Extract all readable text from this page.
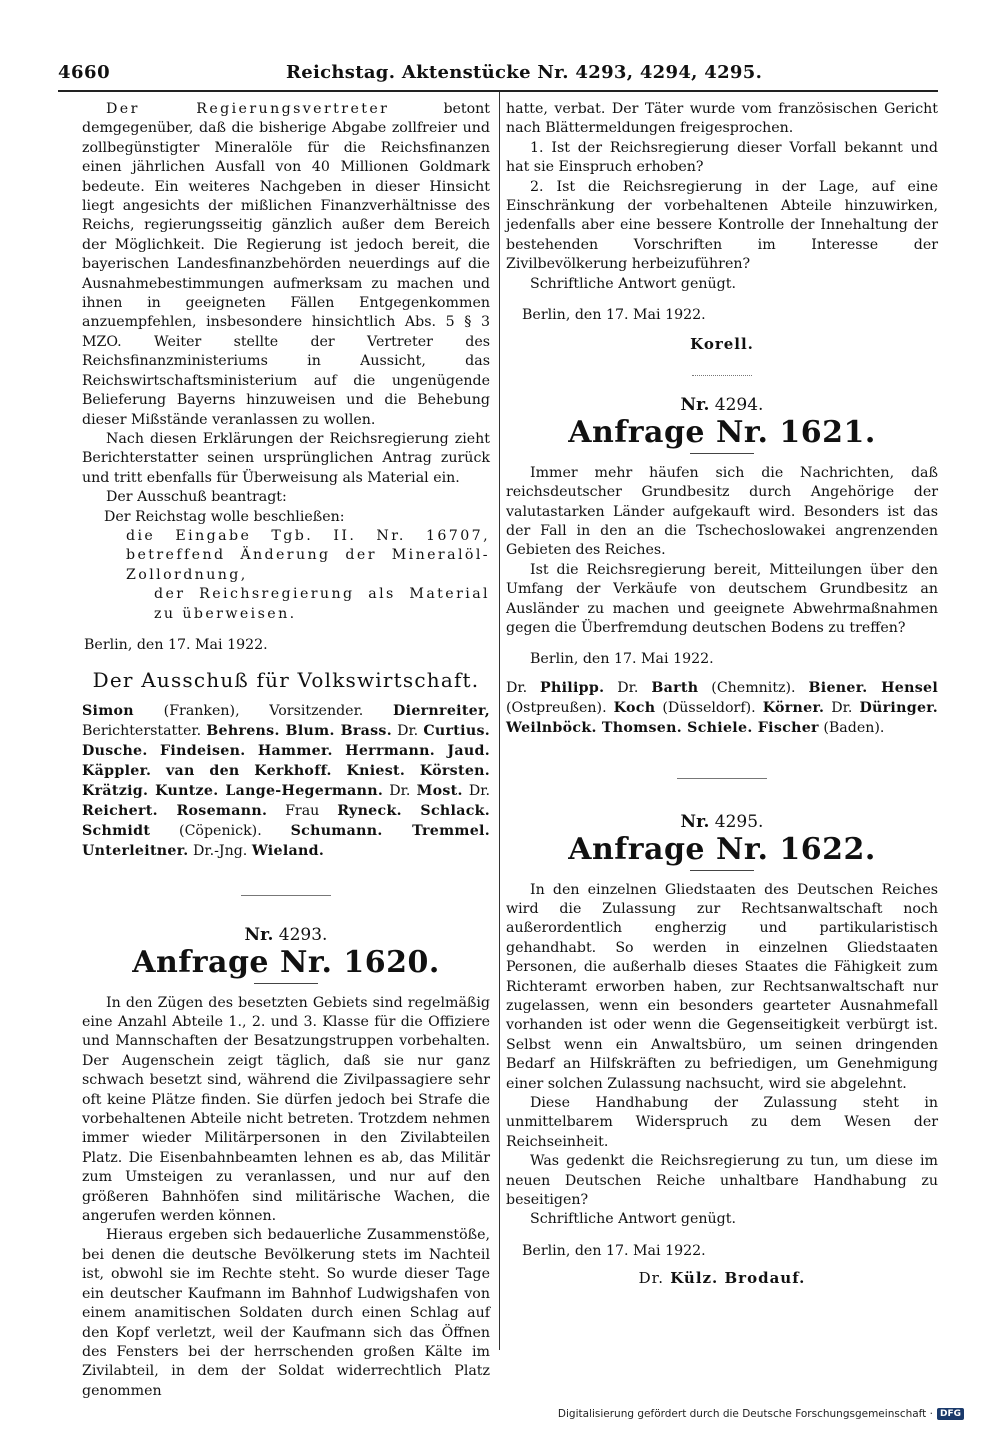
4660	Reichstag. Aktenstücke Nr. 4293, 4294, 4295.

Der Regierungsvertreter	betont demgegenüber, daß die bisherige Abgabe zollfreier und zollbegünstigter Mineralöle für die Reichsfinanzen einen jährlichen Ausfall von 40 Millionen Goldmark bedeute. Ein weiteres Nachgeben in dieser Hinsicht liegt angesichts der mißlichen Finanzverhältnisse des Reichs, regierungsseitig gänzlich außer dem Bereich der Möglichkeit. Die Regierung ist jedoch bereit, die bayerischen Landesfinanzbehörden neuerdings auf die Ausnahmebestimmungen aufmerksam zu machen und ihnen in geeigneten Fällen Entgegenkommen anzuempfehlen, insbesondere hinsichtlich Abs. 5 § 3 MZO. Weiter stellte der Vertreter des Reichsfinanzministeriums in Aussicht, das Reichswirtschaftsministerium auf die ungenügende Belieferung Bayerns hinzuweisen und die Behebung dieser Mißstände veranlassen zu wollen.

Nach diesen Erklärungen der Reichsregierung zieht Berichterstatter seinen ursprünglichen Antrag zurück und tritt ebenfalls für Überweisung als Material ein.

Der Ausschuß beantragt:

Der Reichstag wolle beschließen:

die Eingabe Tgb. II. Nr. 16707, betreffend Änderung der Mineralöl-Zollordnung,

der Reichsregierung als Material zu überweisen.

Berlin, den 17. Mai 1922.

Der Ausschuß für Volkswirtschaft.

Simon (Franken), Vorsitzender. Diernreiter, Berichterstatter. Behrens. Blum. Brass. Dr. Curtius. Dusche. Findeisen. Hammer. Herrmann. Jaud. Käppler. van den Kerkhoff. Kniest. Körsten. Krätzig. Kuntze. Lange-Hegermann. Dr. Most. Dr. Reichert. Rosemann. Frau Ryneck. Schlack. Schmidt (Cöpenick). Schumann. Tremmel. Unterleitner. Dr.-Jng. Wieland.

Nr. 4293.

Anfrage Nr. 1620.

In den Zügen des besetzten Gebiets sind regelmäßig eine Anzahl Abteile 1., 2. und 3. Klasse für die Offiziere und Mannschaften der Besatzungstruppen vorbehalten. Der Augenschein zeigt täglich, daß sie nur ganz schwach besetzt sind, während die Zivilpassagiere sehr oft keine Plätze finden. Sie dürfen jedoch bei Strafe die vorbehaltenen Abteile nicht betreten. Trotzdem nehmen immer wieder Militärpersonen in den Zivilabteilen Platz. Die Eisenbahnbeamten lehnen es ab, das Militär zum Umsteigen zu veranlassen, und nur auf den größeren Bahnhöfen sind militärische Wachen, die angerufen werden können.

Hieraus ergeben sich bedauerliche Zusammenstöße, bei denen die deutsche Bevölkerung stets im Nachteil ist, obwohl sie im Rechte steht. So wurde dieser Tage ein deutscher Kaufmann im Bahnhof Ludwigshafen von einem anamitischen Soldaten durch einen Schlag auf den Kopf verletzt, weil der Kaufmann sich das Öffnen des Fensters bei der herrschenden großen Kälte im Zivilabteil, in dem der Soldat widerrechtlich Platz genommen

hatte, verbat. Der Täter wurde vom französischen Gericht nach Blättermeldungen freigesprochen.

1. Ist der Reichsregierung dieser Vorfall bekannt und hat sie Einspruch erhoben?

2. Ist die Reichsregierung in der Lage, auf eine Einschränkung der vorbehaltenen Abteile hinzuwirken, jedenfalls aber eine bessere Kontrolle der Innehaltung der bestehenden Vorschriften im Interesse der Zivilbevölkerung herbeizuführen?

Schriftliche Antwort genügt.

Berlin, den 17. Mai 1922.

Korell.

Nr. 4294.

Anfrage Nr. 1621.

Immer mehr häufen sich die Nachrichten, daß reichsdeutscher Grundbesitz durch Angehörige der valutastarken Länder aufgekauft wird. Besonders ist das der Fall in den an die Tschechoslowakei angrenzenden Gebieten des Reiches.

Ist die Reichsregierung bereit, Mitteilungen über den Umfang der Verkäufe von deutschem Grundbesitz an Ausländer zu machen und geeignete Abwehrmaßnahmen gegen die Überfremdung deutschen Bodens zu treffen?

Berlin, den 17. Mai 1922.

Dr. Philipp. Dr. Barth (Chemnitz). Biener. Hensel (Ostpreußen). Koch (Düsseldorf). Körner. Dr. Düringer. Weilnböck. Thomsen. Schiele. Fischer (Baden).

Nr. 4295.

Anfrage Nr. 1622.

In den einzelnen Gliedstaaten des Deutschen Reiches wird die Zulassung zur Rechtsanwaltschaft noch außerordentlich engherzig und partikularistisch gehandhabt. So werden in einzelnen Gliedstaaten Personen, die außerhalb dieses Staates die Fähigkeit zum Richteramt erworben haben, zur Rechtsanwaltschaft nur zugelassen, wenn ein besonders gearteter Ausnahmefall vorhanden ist oder wenn die Gegenseitigkeit verbürgt ist. Selbst wenn ein Anwaltsbüro, um seinen dringenden Bedarf an Hilfskräften zu befriedigen, um Genehmigung einer solchen Zulassung nachsucht, wird sie abgelehnt.

Diese Handhabung der Zulassung steht in unmittelbarem Widerspruch zu dem Wesen der Reichseinheit.

Was gedenkt die Reichsregierung zu tun, um diese im neuen Deutschen Reiche unhaltbare Handhabung zu beseitigen?

Schriftliche Antwort genügt.

Berlin, den 17. Mai 1922.

Dr. Külz. Brodauf.

Digitalisierung gefördert durch die Deutsche Forschungsgemeinschaft · DFG
